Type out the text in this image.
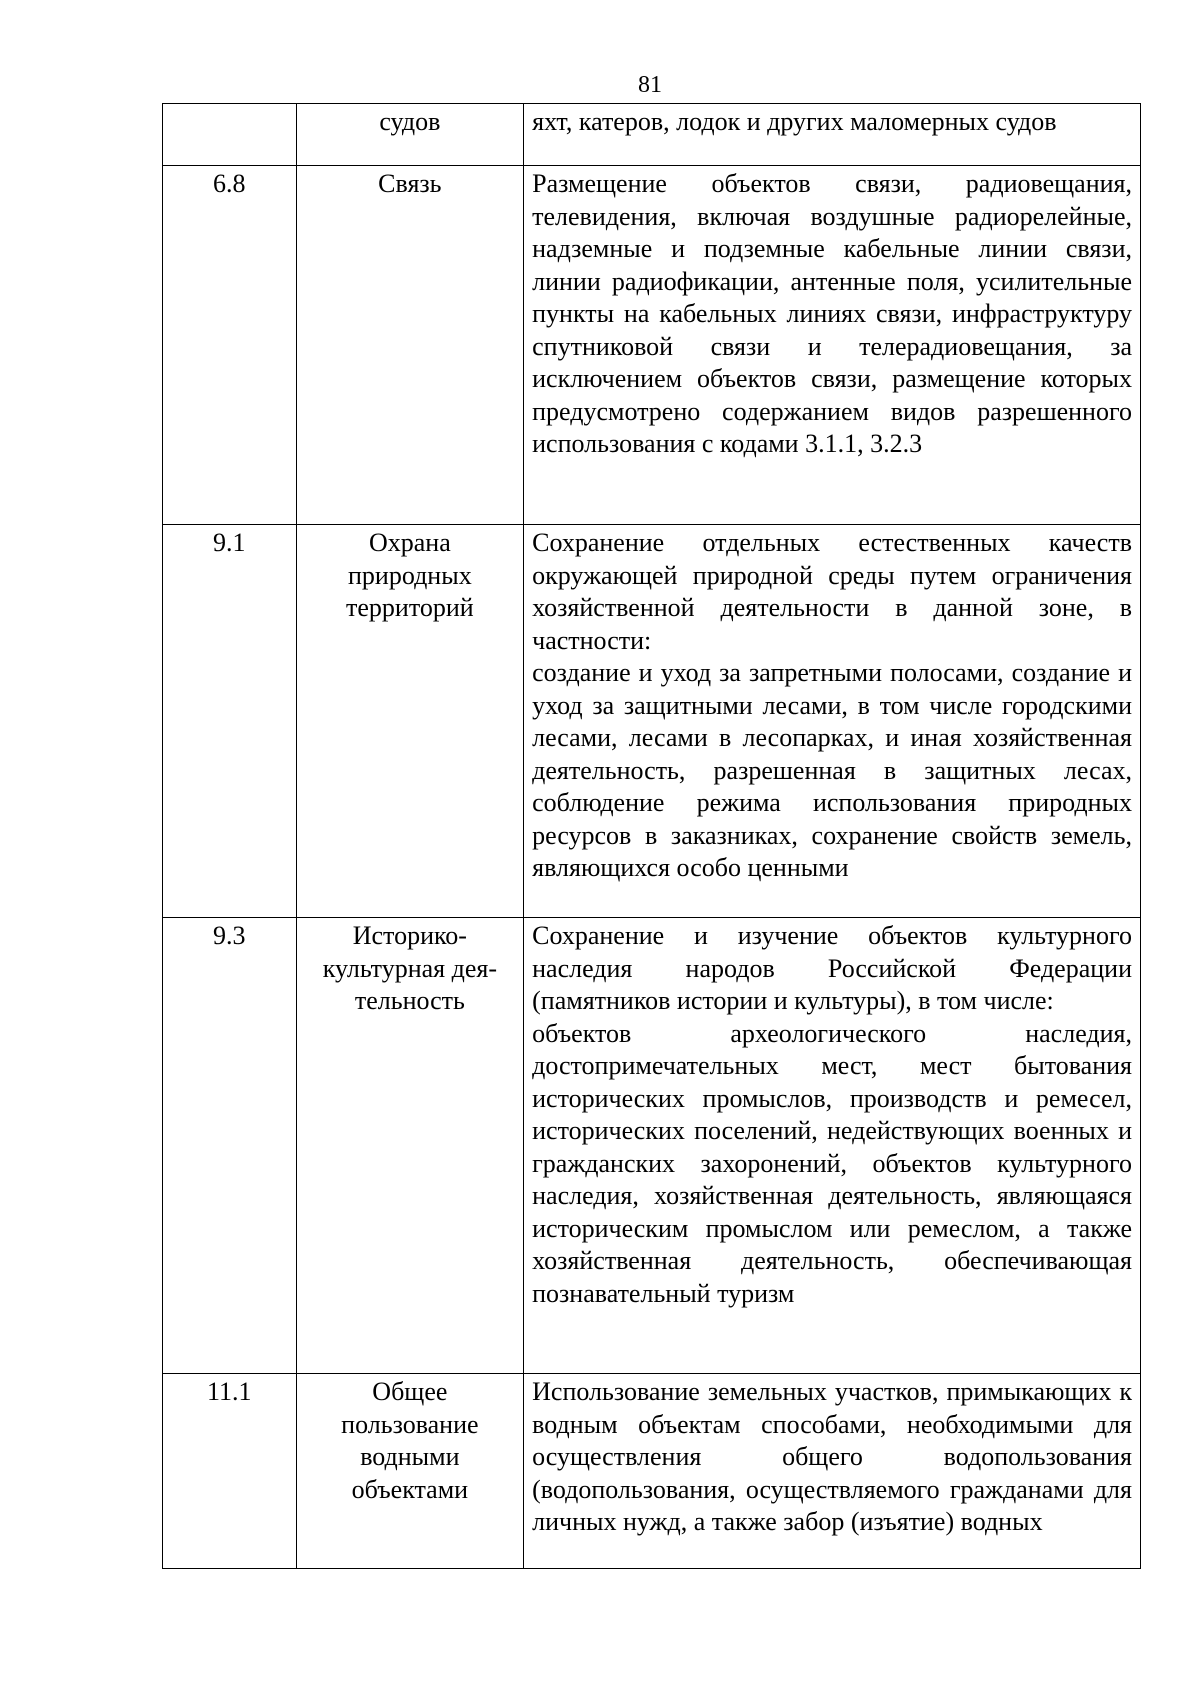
81
	судов	яхт, катеров, лодок и других маломерных судов

6.8	Связь	Размещение объектов связи, радиовещания, телевидения, включая воздушные радиорелейные, надземные и подземные кабельные линии связи, линии радиофикации, антенные поля, усилительные пункты на кабельных линиях связи, инфраструктуру спутниковой связи и телерадиовещания, за исключением объектов связи, размещение которых предусмотрено содержанием видов разрешенного использования с кодами 3.1.1, 3.2.3

9.1	Охрана природных территорий	Сохранение отдельных естественных качеств окружающей природной среды путем ограничения хозяйственной деятельности в данной зоне, в частности:
создание и уход за запретными полосами, создание и уход за защитными лесами, в том числе городскими лесами, лесами в лесопарках, и иная хозяйственная деятельность, разрешенная в защитных лесах, соблюдение режима использования природных ресурсов в заказниках, сохранение свойств земель, являющихся особо ценными

9.3	Историко-культурная дея-тельность	Сохранение и изучение объектов культурного наследия народов Российской Федерации (памятников истории и культуры), в том числе:
объектов археологического наследия, достопримечательных мест, мест бытования исторических промыслов, производств и ремесел, исторических поселений, недействующих военных и гражданских захоронений, объектов культурного наследия, хозяйственная деятельность, являющаяся историческим промыслом или ремеслом, а также хозяйственная деятельность, обеспечивающая познавательный туризм

11.1	Общее пользование водными объектами	Использование земельных участков, примыкающих к водным объектам способами, необходимыми для осуществления общего водопользования (водопользования, осуществляемого гражданами для личных нужд, а также забор (изъятие) водных
